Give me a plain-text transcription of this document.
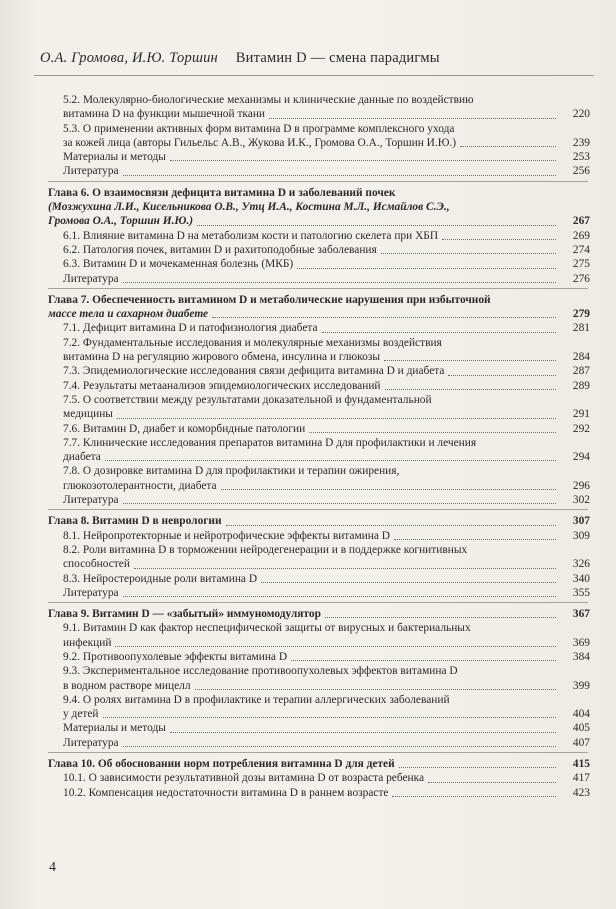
О.А. Громова, И.Ю. Торшин Витамин D — смена парадигмы
5.2. Молекулярно-биологические механизмы и клинические данные по воздействию
витамина D на функции мышечной ткани	220
5.3. О применении активных форм витамина D в программе комплексного ухода
за кожей лица (авторы Гильельс А.В., Жукова И.К., Громова О.А., Торшин И.Ю.)	239
Материалы и методы	253
Литература	256
Глава 6. О взаимосвязи дефицита витамина D и заболеваний почек
(Мозжухина Л.И., Кисельникова О.В., Утц И.А., Костина М.Л., Исмайлов С.Э.,
Громова О.А., Торшин И.Ю.)	267
6.1. Влияние витамина D на метаболизм кости и патологию скелета при ХБП	269
6.2. Патология почек, витамин D и рахитоподобные заболевания	274
6.3. Витамин D и мочекаменная болезнь (МКБ)	275
Литература	276
Глава 7. Обеспеченность витамином D и метаболические нарушения при избыточной
массе тела и сахарном диабете	279
7.1. Дефицит витамина D и патофизиология диабета	281
7.2. Фундаментальные исследования и молекулярные механизмы воздействия
витамина D на регуляцию жирового обмена, инсулина и глюкозы	284
7.3. Эпидемиологические исследования связи дефицита витамина D и диабета	287
7.4. Результаты метаанализов эпидемиологических исследований	289
7.5. О соответствии между результатами доказательной и фундаментальной
медицины	291
7.6. Витамин D, диабет и коморбидные патологии	292
7.7. Клинические исследования препаратов витамина D для профилактики и лечения
диабета	294
7.8. О дозировке витамина D для профилактики и терапии ожирения,
глюкозотолерантности, диабета	296
Литература	302
Глава 8. Витамин D в неврологии	307
8.1. Нейропротекторные и нейротрофические эффекты витамина D	309
8.2. Роли витамина D в торможении нейродегенерации и в поддержке когнитивных
способностей	326
8.3. Нейростероидные роли витамина D	340
Литература	355
Глава 9. Витамин D — «забытый» иммуномодулятор	367
9.1. Витамин D как фактор неспецифической защиты от вирусных и бактериальных
инфекций	369
9.2. Противоопухолевые эффекты витамина D	384
9.3. Экспериментальное исследование противоопухолевых эффектов витамина D
в водном растворе мицелл	399
9.4. О ролях витамина D в профилактике и терапии аллергических заболеваний
у детей	404
Материалы и методы	405
Литература	407
Глава 10. Об обосновании норм потребления витамина D для детей	415
10.1. О зависимости результативной дозы витамина D от возраста ребенка	417
10.2. Компенсация недостаточности витамина D в раннем возрасте	423
4
